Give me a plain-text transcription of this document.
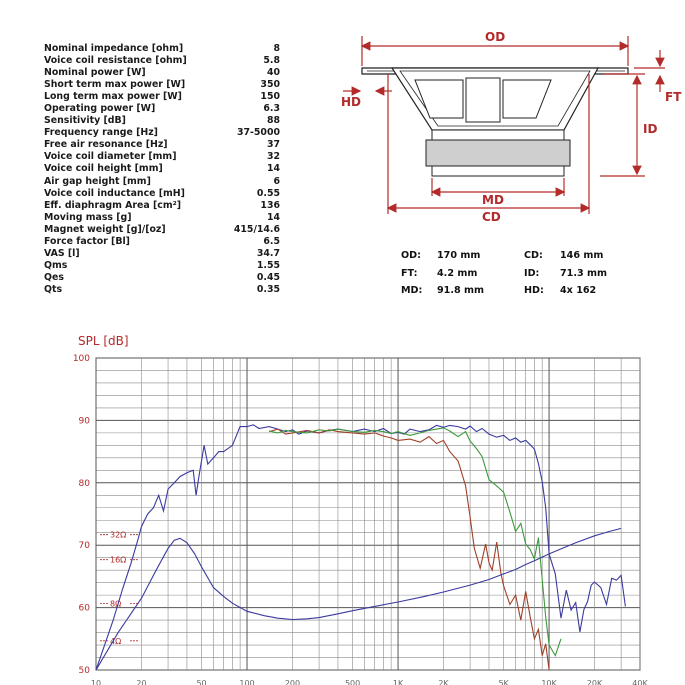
Nominal impedance [ohm]	8
Voice coil resistance [ohm]	5.8
Nominal power [W]	40
Short term max power [W]	350
Long term max power [W]	150
Operating power [W]	6.3
Sensitivity [dB]	88
Frequency range [Hz]	37-5000
Free air resonance [Hz]	37
Voice coil diameter [mm]	32
Voice coil height [mm]	14
Air gap height [mm]	6
Voice coil inductance [mH]	0.55
Eff. diaphragm Area [cm²]	136
Moving mass [g]	14
Magnet weight [g]/[oz]	415/14.6
Force factor [Bl]	6.5
VAS [l]	34.7
Qms	1.55
Qes	0.45
Qts	0.35
OD
FT
HD
ID
MD
CD
OD:	170 mm	CD:	146 mm
FT:	4.2 mm	ID:	71.3 mm
MD:	91.8 mm	HD:	4x 162
SPL [dB]
100
90
80
70
60
50
10	20	50	100	200	500	1K	2K	5K	10K	20K	40K
32Ω
16Ω
8Ω
4Ω
